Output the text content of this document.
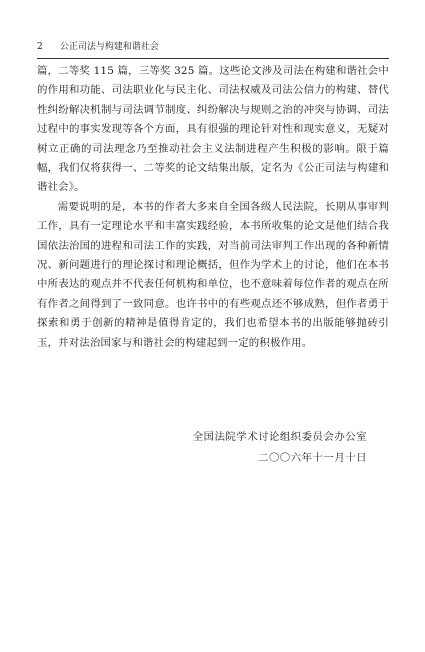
2 公正司法与构建和谐社会

篇，二等奖 115 篇，三等奖 325 篇。这些论文涉及司法在构建和谐社会中的作用和功能、司法职业化与民主化、司法权威及司法公信力的构建、替代性纠纷解决机制与司法调节制度、纠纷解决与规则之治的冲突与协调、司法过程中的事实发现等各个方面，具有很强的理论针对性和现实意义，无疑对树立正确的司法理念乃至推动社会主义法制进程产生积极的影响。限于篇幅，我们仅将获得一、二等奖的论文结集出版，定名为《公正司法与构建和谐社会》。

需要说明的是，本书的作者大多来自全国各级人民法院，长期从事审判工作，具有一定理论水平和丰富实践经验，本书所收集的论文是他们结合我国依法治国的进程和司法工作的实践，对当前司法审判工作出现的各种新情况、新问题进行的理论探讨和理论概括，但作为学术上的讨论，他们在本书中所表达的观点并不代表任何机构和单位，也不意味着每位作者的观点在所有作者之间得到了一致同意。也许书中的有些观点还不够成熟，但作者勇于探索和勇于创新的精神是值得肯定的，我们也希望本书的出版能够抛砖引玉，并对法治国家与和谐社会的构建起到一定的积极作用。

全国法院学术讨论组织委员会办公室
二〇〇六年十一月十日
